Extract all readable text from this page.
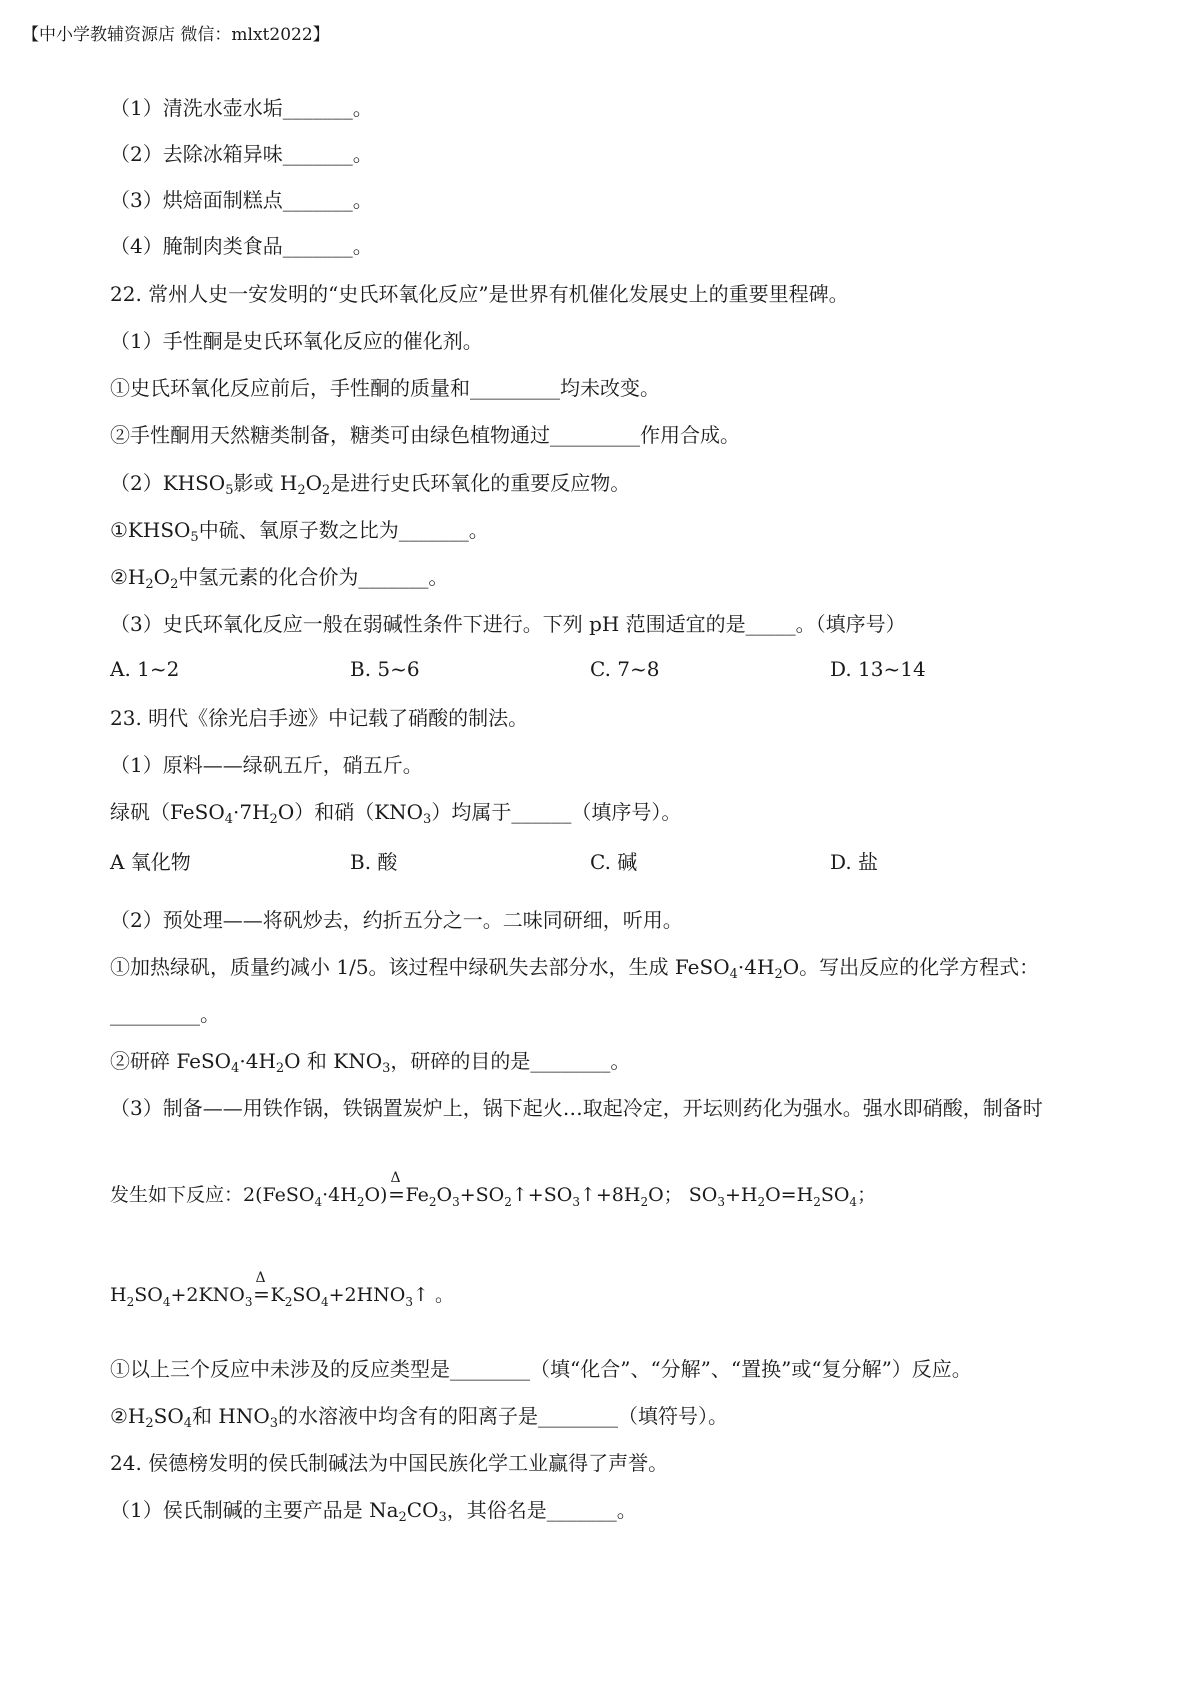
【中小学教辅资源店 微信：mlxt2022】
（1）清洗水壶水垢_______。
（2）去除冰箱异味_______。
（3）烘焙面制糕点_______。
（4）腌制肉类食品_______。
22. 常州人史一安发明的“史氏环氧化反应”是世界有机催化发展史上的重要里程碑。
（1）手性酮是史氏环氧化反应的催化剂。
①史氏环氧化反应前后，手性酮的质量和_________均未改变。
②手性酮用天然糖类制备，糖类可由绿色植物通过_________作用合成。
$(2)KHSO_5$影或 $H_2O_2$是进行史氏环氧化的重要反应物。
$①KHSO_5$中硫、氧原子数之比为_______。
$②H_2O_2$中氢元素的化合价为_______。
（3）史氏环氧化反应一般在弱碱性条件下进行。下列 pH 范围适宜的是_____。（填序号）
A. 1~2	B. 5~6	C. 7~8	D. 13~14
23. 明代《徐光启手迹》中记载了硝酸的制法。
（1）原料——绿矾五斤，硝五斤。
绿矾$(FeSO_4\cdot 7H_2O)$和硝$(KNO_3)$均属于______（填序号）。
A 氧化物	B. 酸	C. 碱	D. 盐
（2）预处理——将矾炒去，约折五分之一。二味同研细，听用。
①加热绿矾，质量约减小 1/5。该过程中绿矾失去部分水，生成 $FeSO_4\cdot 4H_2O$。写出反应的化学方程式：
_________。
②研碎 $FeSO_4\cdot 4H_2O$ 和 $KNO_3$，研碎的目的是________。
（3）制备——用铁作锅，铁锅置炭炉上，锅下起火…取起冷定，开坛则药化为强水。强水即硝酸，制备时
发生如下反应：$2(FeSO_4\cdot 4H_2O)$
Δ
$=Fe_2O_3+SO_2↑+SO_3↑+8H_2O$； $SO_3+H_2O=H_2SO_4$；
$H_2SO_4+2KNO_3$
Δ
$=K_2SO_4+2HNO_3↑$ 。
①以上三个反应中未涉及的反应类型是________（填“化合”、“分解”、“置换”或“复分解”）反应。
$②H_2SO_4$和 $HNO_3$的水溶液中均含有的阳离子是________（填符号）。
24. 侯德榜发明的侯氏制碱法为中国民族化学工业赢得了声誉。
（1）侯氏制碱的主要产品是 $Na_2CO_3$，其俗名是_______。
